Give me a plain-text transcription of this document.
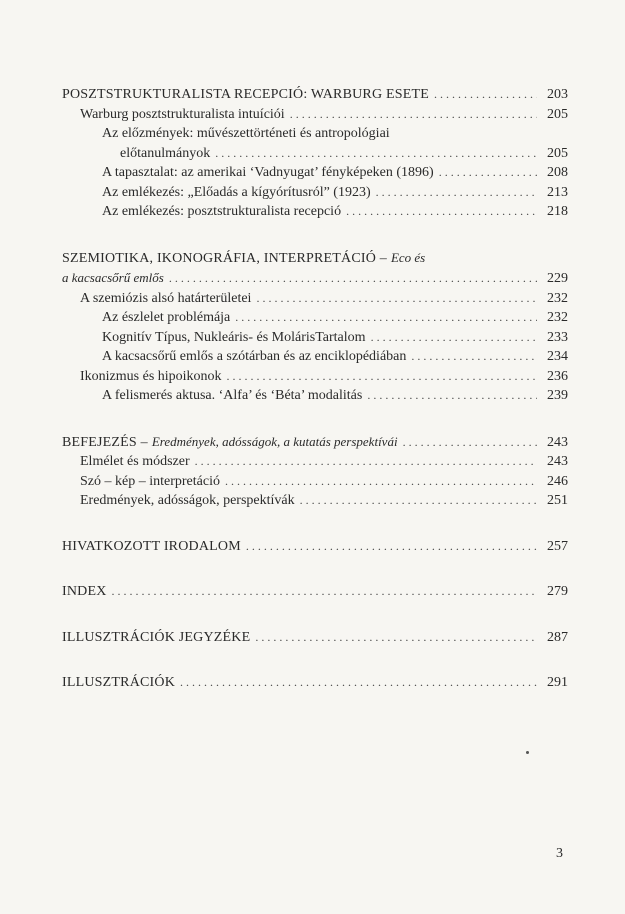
POSZTSTRUKTURALISTA RECEPCIÓ: WARBURG ESETE . . .	203
Warburg posztstrukturalista intuíciói . . .	205
Az előzmények: művészettörténeti és antropológiai
előtanulmányok . . .	205
A tapasztalat: az amerikai ‘Vadnyugat’ fényképeken (1896) . . .	208
Az emlékezés: „Előadás a kígyórítusról” (1923) . . .	213
Az emlékezés: posztstrukturalista recepció . . .	218
SZEMIOTIKA, IKONOGRÁFIA, INTERPRETÁCIÓ – Eco és
a kacsacsőrű emlős . . .	229
A szemiózis alsó határterületei . . .	232
Az észlelet problémája . . .	232
Kognitív Típus, Nukleáris- és MolárisTartalom . . .	233
A kacsacsőrű emlős a szótárban és az enciklopédiában . . .	234
Ikonizmus és hipoikonok . . .	236
A felismerés aktusa. ‘Alfa’ és ‘Béta’ modalitás . . .	239
BEFEJEZÉS – Eredmények, adósságok, a kutatás perspektívái . . .	243
Elmélet és módszer . . .	243
Szó – kép – interpretáció . . .	246
Eredmények, adósságok, perspektívák . . .	251
HIVATKOZOTT IRODALOM . . .	257
INDEX . . .	279
ILLUSZTRÁCIÓK JEGYZÉKE . . .	287
ILLUSZTRÁCIÓK . . .	291
3
